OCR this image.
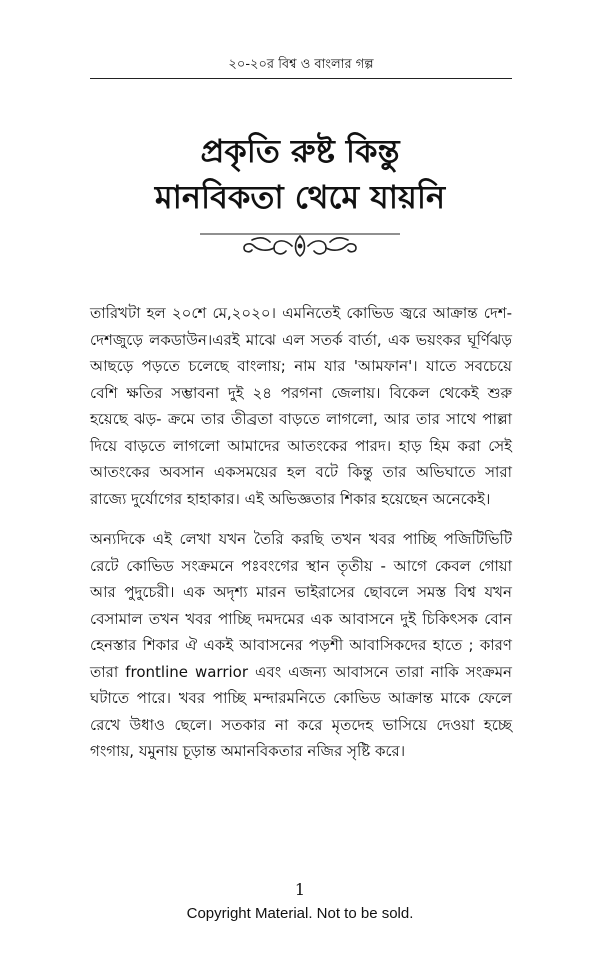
২০-২০র বিশ্ব ও বাংলার গল্প
প্রকৃতি রুষ্ট কিন্তু
মানবিকতা থেমে যায়নি

তারিখটা হল ২০শে মে,২০২০। এমনিতেই কোভিড জ্বরে আক্রান্ত দেশ-দেশজুড়ে লকডাউন।এরই মাঝে এল সতর্ক বার্তা, এক ভয়ংকর ঘূর্ণিঝড় আছড়ে পড়তে চলেছে বাংলায়; নাম যার 'আমফান'। যাতে সবচেয়ে বেশি ক্ষতির সম্ভাবনা দুই ২৪ পরগনা জেলায়। বিকেল থেকেই শুরু হয়েছে ঝড়- ক্রমে তার তীব্রতা বাড়তে লাগলো, আর তার সাথে পাল্লা দিয়ে বাড়তে লাগলো আমাদের আতংকের পারদ। হাড় হিম করা সেই আতংকের অবসান একসময়ের হল বটে কিন্তু তার অভিঘাতে সারা রাজ্যে দুর্যোগের হাহাকার। এই অভিজ্ঞতার শিকার হয়েছেন অনেকেই।

অন্যদিকে এই লেখা যখন তৈরি করছি তখন খবর পাচ্ছি পজিটিভিটি রেটে কোভিড সংক্রমনে পঃবংগের স্থান তৃতীয় - আগে কেবল গোয়া আর পুদুচেরী। এক অদৃশ্য মারন ভাইরাসের ছোবলে সমস্ত বিশ্ব যখন বেসামাল তখন খবর পাচ্ছি দমদমের এক আবাসনে দুই চিকিৎসক বোন হেনস্তার শিকার ঐ একই আবাসনের পড়শী আবাসিকদের হাতে ; কারণ তারা frontline warrior এবং এজন্য আবাসনে তারা নাকি সংক্রমন ঘটাতে পারে। খবর পাচ্ছি মন্দারমনিতে কোভিড আক্রান্ত মাকে ফেলে রেখে উধাও ছেলে। সতকার না করে মৃতদেহ ভাসিয়ে দেওয়া হচ্ছে গংগায়, যমুনায় চূড়ান্ত অমানবিকতার নজির সৃষ্টি করে।

1
Copyright Material. Not to be sold.
